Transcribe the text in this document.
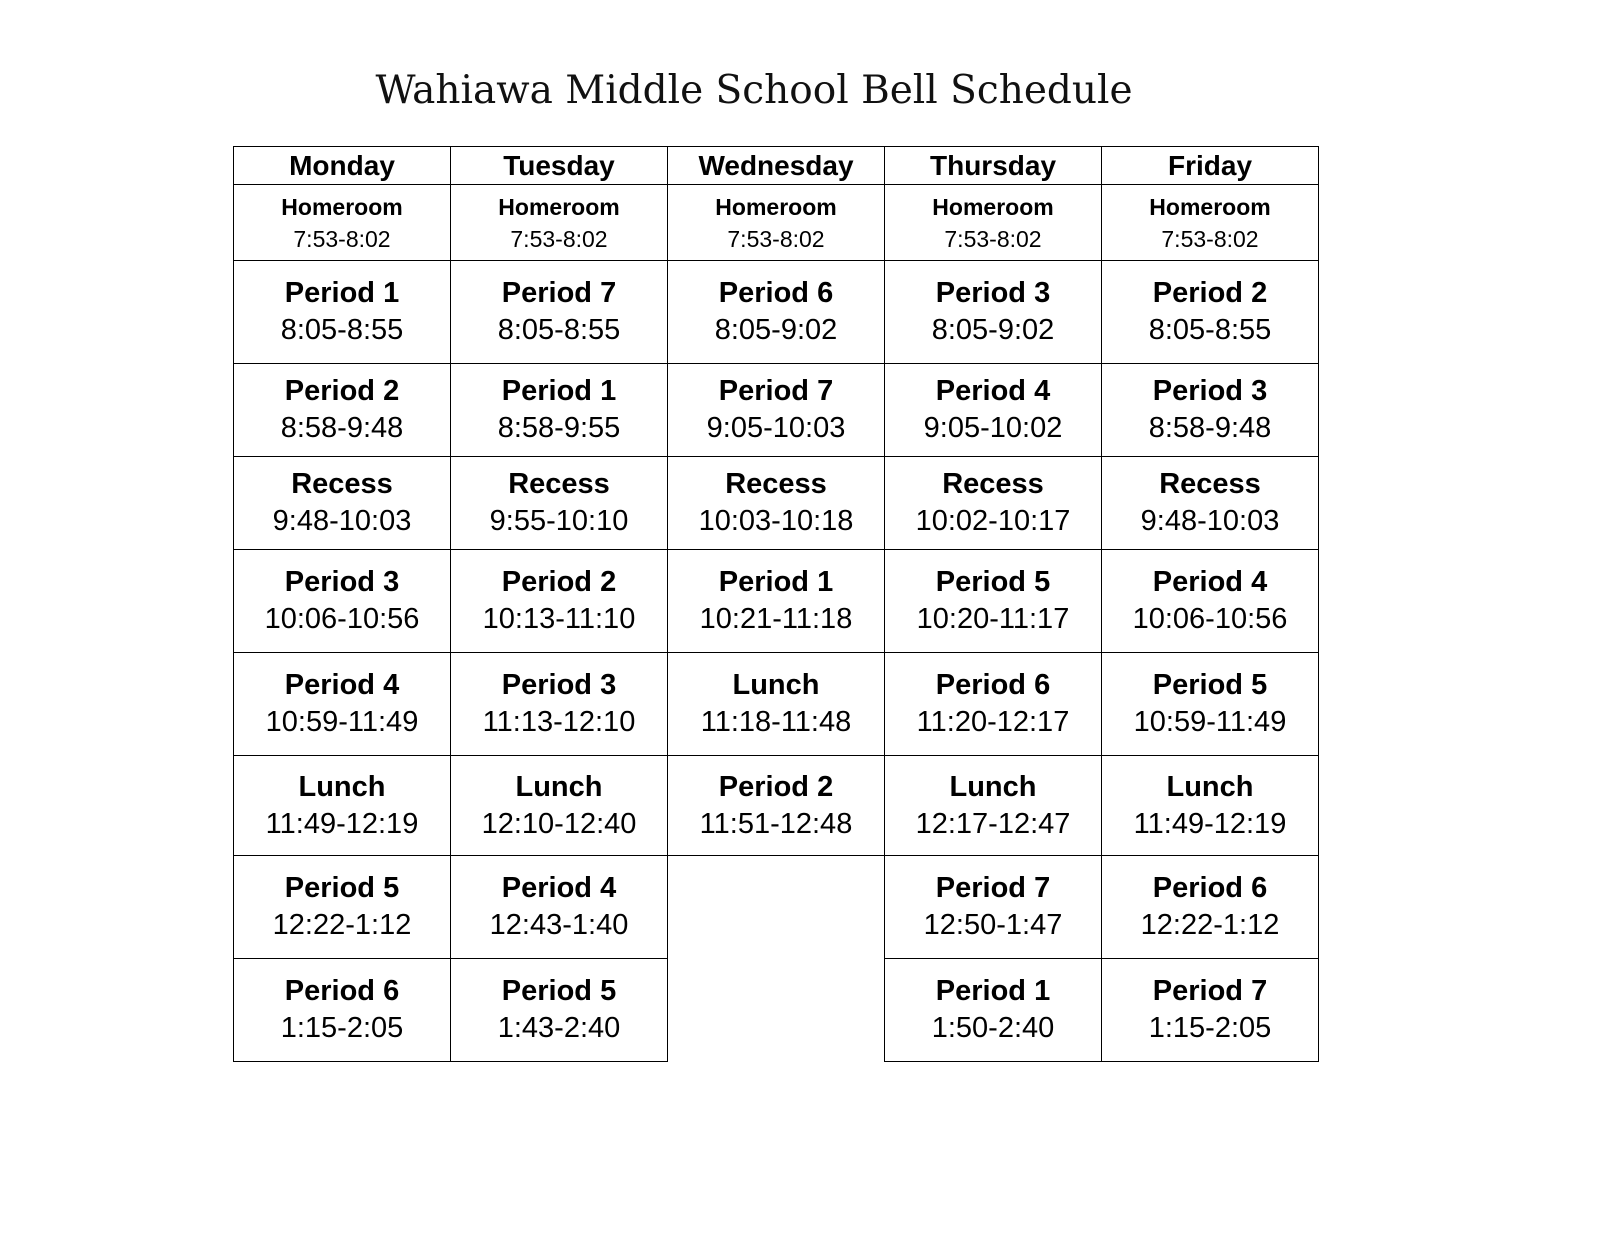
Wahiawa Middle School Bell Schedule
Monday
Homeroom
7:53-8:02
Period 1
8:05-8:55
Period 2
8:58-9:48
Recess
9:48-10:03
Period 3
10:06-10:56
Period 4
10:59-11:49
Lunch
11:49-12:19
Period 5
12:22-1:12
Period 6
1:15-2:05
Tuesday
Homeroom
7:53-8:02
Period 7
8:05-8:55
Period 1
8:58-9:55
Recess
9:55-10:10
Period 2
10:13-11:10
Period 3
11:13-12:10
Lunch
12:10-12:40
Period 4
12:43-1:40
Period 5
1:43-2:40
Wednesday
Homeroom
7:53-8:02
Period 6
8:05-9:02
Period 7
9:05-10:03
Recess
10:03-10:18
Period 1
10:21-11:18
Lunch
11:18-11:48
Period 2
11:51-12:48
Thursday
Homeroom
7:53-8:02
Period 3
8:05-9:02
Period 4
9:05-10:02
Recess
10:02-10:17
Period 5
10:20-11:17
Period 6
11:20-12:17
Lunch
12:17-12:47
Period 7
12:50-1:47
Period 1
1:50-2:40
Friday
Homeroom
7:53-8:02
Period 2
8:05-8:55
Period 3
8:58-9:48
Recess
9:48-10:03
Period 4
10:06-10:56
Period 5
10:59-11:49
Lunch
11:49-12:19
Period 6
12:22-1:12
Period 7
1:15-2:05
